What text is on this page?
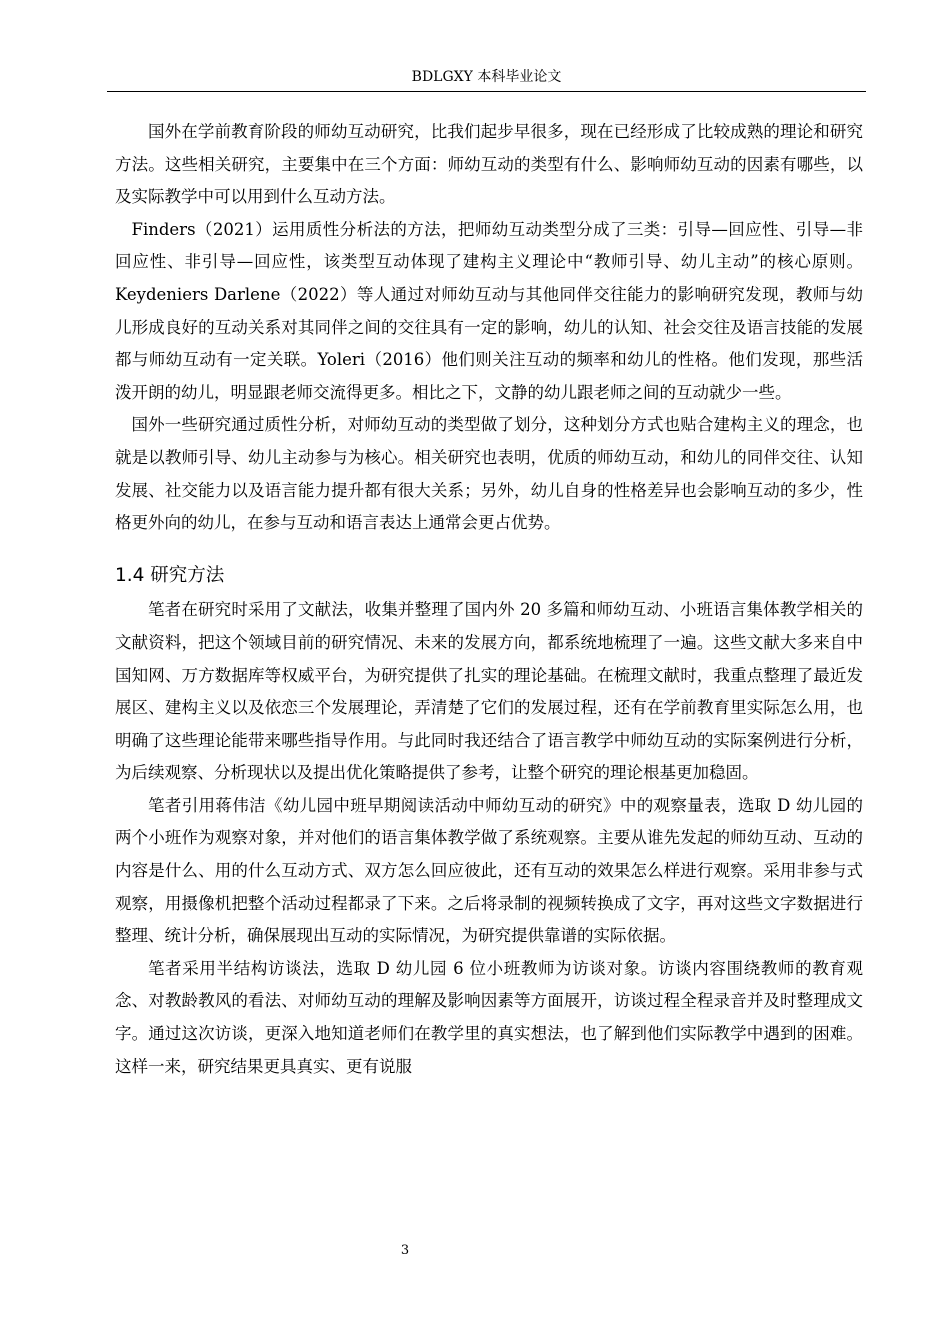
BDLGXY 本科毕业论文

国外在学前教育阶段的师幼互动研究，比我们起步早很多，现在已经形成了比较成熟的理论和研究方法。这些相关研究，主要集中在三个方面：师幼互动的类型有什么、影响师幼互动的因素有哪些，以及实际教学中可以用到什么互动方法。

Finders（2021）运用质性分析法的方法，把师幼互动类型分成了三类：引导—回应性、引导—非回应性、非引导—回应性，该类型互动体现了建构主义理论中“教师引导、幼儿主动”的核心原则。Keydeniers Darlene（2022）等人通过对师幼互动与其他同伴交往能力的影响研究发现，教师与幼儿形成良好的互动关系对其同伴之间的交往具有一定的影响，幼儿的认知、社会交往及语言技能的发展都与师幼互动有一定关联。Yoleri（2016）他们则关注互动的频率和幼儿的性格。他们发现，那些活泼开朗的幼儿，明显跟老师交流得更多。相比之下，文静的幼儿跟老师之间的互动就少一些。

国外一些研究通过质性分析，对师幼互动的类型做了划分，这种划分方式也贴合建构主义的理念，也就是以教师引导、幼儿主动参与为核心。相关研究也表明，优质的师幼互动，和幼儿的同伴交往、认知发展、社交能力以及语言能力提升都有很大关系；另外，幼儿自身的性格差异也会影响互动的多少，性格更外向的幼儿，在参与互动和语言表达上通常会更占优势。

1.4 研究方法

笔者在研究时采用了文献法，收集并整理了国内外 20 多篇和师幼互动、小班语言集体教学相关的文献资料，把这个领域目前的研究情况、未来的发展方向，都系统地梳理了一遍。这些文献大多来自中国知网、万方数据库等权威平台，为研究提供了扎实的理论基础。在梳理文献时，我重点整理了最近发展区、建构主义以及依恋三个发展理论，弄清楚了它们的发展过程，还有在学前教育里实际怎么用，也明确了这些理论能带来哪些指导作用。与此同时我还结合了语言教学中师幼互动的实际案例进行分析，为后续观察、分析现状以及提出优化策略提供了参考，让整个研究的理论根基更加稳固。

笔者引用蒋伟洁《幼儿园中班早期阅读活动中师幼互动的研究》中的观察量表，选取 D 幼儿园的两个小班作为观察对象，并对他们的语言集体教学做了系统观察。主要从谁先发起的师幼互动、互动的内容是什么、用的什么互动方式、双方怎么回应彼此，还有互动的效果怎么样进行观察。采用非参与式观察，用摄像机把整个活动过程都录了下来。之后将录制的视频转换成了文字，再对这些文字数据进行整理、统计分析，确保展现出互动的实际情况，为研究提供靠谱的实际依据。

笔者采用半结构访谈法，选取 D 幼儿园 6 位小班教师为访谈对象。访谈内容围绕教师的教育观念、对教龄教风的看法、对师幼互动的理解及影响因素等方面展开，访谈过程全程录音并及时整理成文字。通过这次访谈，更深入地知道老师们在教学里的真实想法，也了解到他们实际教学中遇到的困难。这样一来，研究结果更具真实、更有说服

3
